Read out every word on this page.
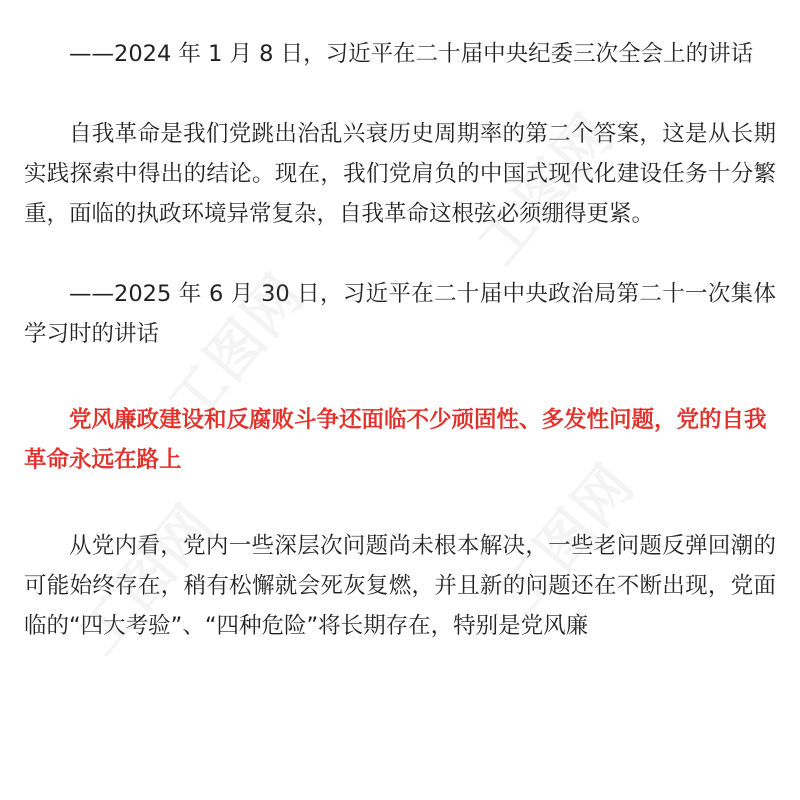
工图网
工图网
工图网
工图网

——2024 年 1 月 8 日，习近平在二十届中央纪委三次全会上的讲话

自我革命是我们党跳出治乱兴衰历史周期率的第二个答案，这是从长期实践探索中得出的结论。现在，我们党肩负的中国式现代化建设任务十分繁重，面临的执政环境异常复杂，自我革命这根弦必须绷得更紧。

——2025 年 6 月 30 日，习近平在二十届中央政治局第二十一次集体学习时的讲话

党风廉政建设和反腐败斗争还面临不少顽固性、多发性问题，党的自我革命永远在路上

从党内看，党内一些深层次问题尚未根本解决，一些老问题反弹回潮的可能始终存在，稍有松懈就会死灰复燃，并且新的问题还在不断出现，党面临的“四大考验”、“四种危险”将长期存在，特别是党风廉
